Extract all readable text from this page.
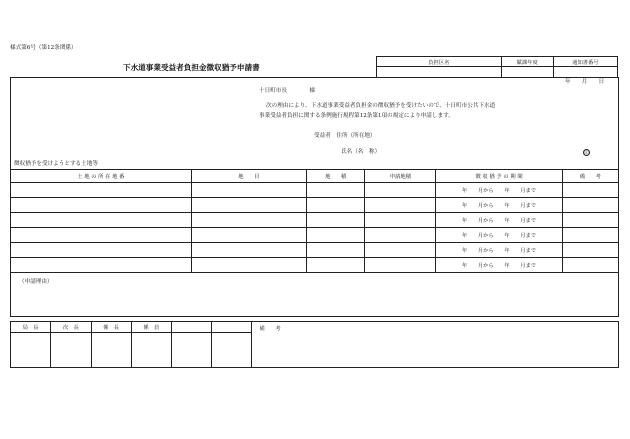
様式第6号（第12条関係）
下水道事業受益者負担金徴収猶予申請書
負担区名	賦課年度	通知書番号

年　　月　　日
十日町市長　　　　様
次の理由により、下水道事業受益者負担金の徴収猶予を受けたいので、十日町市公共下水道
事業受益者負担に関する条例施行規程第12条第1項の規定により申請します。
受益者　住所（所在地）
氏名（名　称）	印
徴収猶予を受けようとする土地等
土 地 の 所 在 地 番	地　　目	地　　積	申請地積	徴 収 猶 予 の 期 間	備　　考
				年　　月から　　年　　月まで	
				年　　月から　　年　　月まで	
				年　　月から　　年　　月まで	
				年　　月から　　年　　月まで	
				年　　月から　　年　　月まで	
				年　　月から　　年　　月まで	
（申請理由）
局　長	次　長	係　長	係　員			備　　考
